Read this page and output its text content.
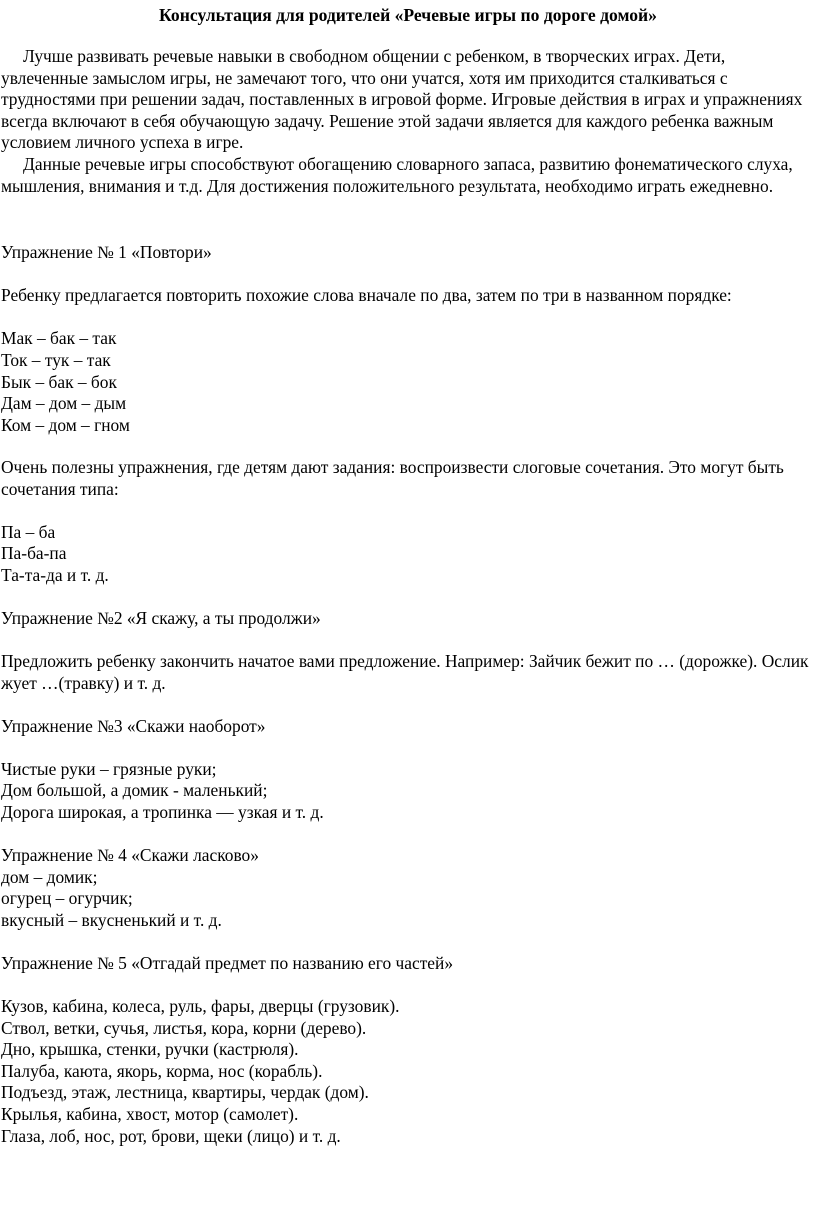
Консультация для родителей «Речевые игры по дороге домой»

Лучше развивать речевые навыки в свободном общении с ребенком, в творческих играх. Дети, увлеченные замыслом игры, не замечают того, что они учатся, хотя им приходится сталкиваться с трудностями при решении задач, поставленных в игровой форме. Игровые действия в играх и упражнениях всегда включают в себя обучающую задачу. Решение этой задачи является для каждого ребенка важным условием личного успеха в игре.

Данные речевые игры способствуют обогащению словарного запаса, развитию фонематического слуха, мышления, внимания и т.д. Для достижения положительного результата, необходимо играть ежедневно.

Упражнение № 1 «Повтори»
Ребенку предлагается повторить похожие слова вначале по два, затем по три в названном порядке:
Мак – бак – так
Ток – тук – так
Бык – бак – бок
Дам – дом – дым
Ком – дом – гном

Очень полезны упражнения, где детям дают задания: воспроизвести слоговые сочетания. Это могут быть сочетания типа:

Па – ба
Па-ба-па
Та-та-да и т. д.
Упражнение №2 «Я скажу, а ты продолжи»

Предложить ребенку закончить начатое вами предложение. Например: Зайчик бежит по … (дорожке). Ослик жует …(травку) и т. д.

Упражнение №3 «Скажи наоборот»
Чистые руки – грязные руки;
Дом большой, а домик - маленький;
Дорога широкая, а тропинка — узкая и т. д.
Упражнение № 4 «Скажи ласково»
дом – домик;
огурец – огурчик;
вкусный – вкусненький и т. д.
Упражнение № 5 «Отгадай предмет по названию его частей»
Кузов, кабина, колеса, руль, фары, дверцы (грузовик).
Ствол, ветки, сучья, листья, кора, корни (дерево).
Дно, крышка, стенки, ручки (кастрюля).
Палуба, каюта, якорь, корма, нос (корабль).
Подъезд, этаж, лестница, квартиры, чердак (дом).
Крылья, кабина, хвост, мотор (самолет).
Глаза, лоб, нос, рот, брови, щеки (лицо) и т. д.
